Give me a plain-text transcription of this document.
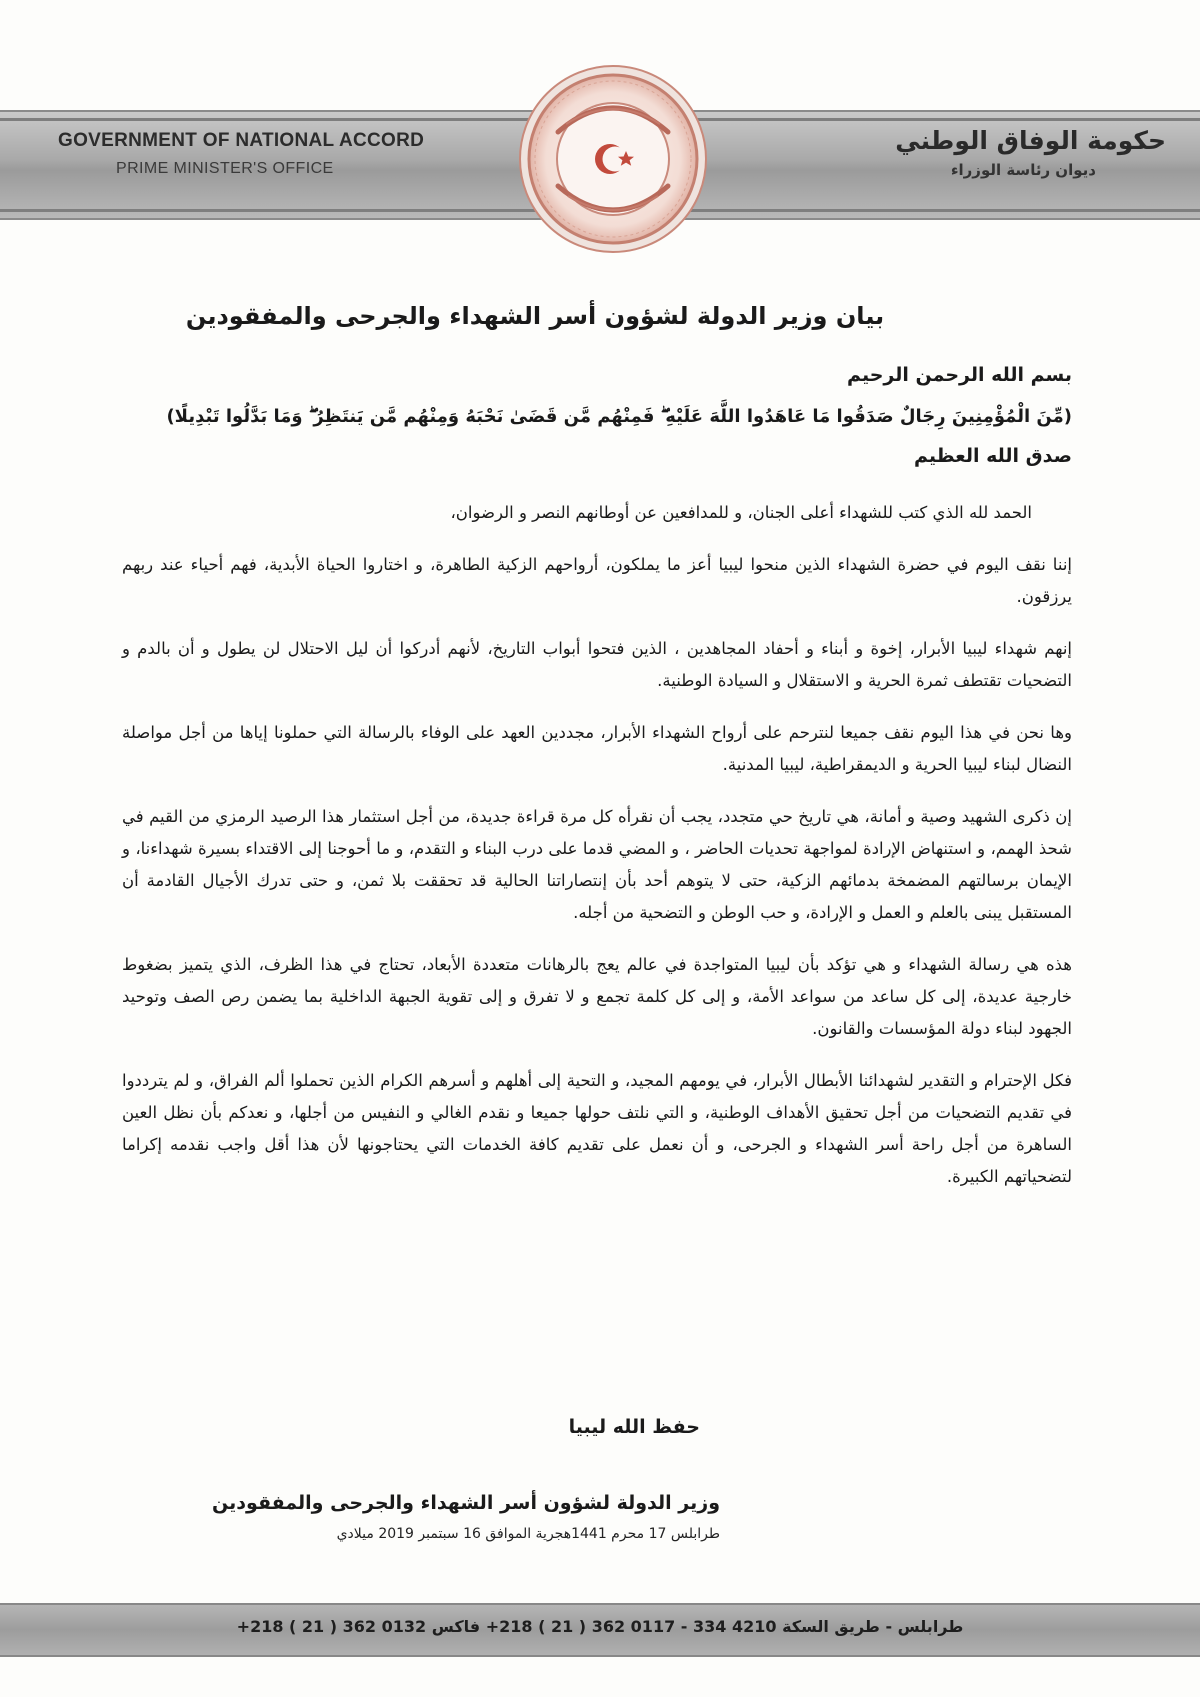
GOVERNMENT OF NATIONAL ACCORD
PRIME MINISTER'S OFFICE
حكومة الوفاق الوطني
ديوان رئاسة الوزراء
بيان وزير الدولة لشؤون أسر الشهداء والجرحى والمفقودين
بسم الله الرحمن الرحيم
(مِّنَ الْمُؤْمِنِينَ رِجَالٌ صَدَقُوا مَا عَاهَدُوا اللَّهَ عَلَيْهِ ۖ فَمِنْهُم مَّن قَضَىٰ نَحْبَهُ وَمِنْهُم مَّن يَنتَظِرُ ۖ وَمَا بَدَّلُوا تَبْدِيلًا)
صدق الله العظيم

الحمد لله الذي كتب للشهداء أعلى الجنان، و للمدافعين عن أوطانهم النصر و الرضوان،

إننا نقف اليوم في حضرة الشهداء الذين منحوا ليبيا أعز ما يملكون، أرواحهم الزكية الطاهرة، و اختاروا الحياة الأبدية، فهم أحياء عند ربهم يرزقون.

إنهم شهداء ليبيا الأبرار، إخوة و أبناء و أحفاد المجاهدين ، الذين فتحوا أبواب التاريخ، لأنهم أدركوا أن ليل الاحتلال لن يطول و أن بالدم و التضحيات تقتطف ثمرة الحرية و الاستقلال و السيادة الوطنية.

وها نحن في هذا اليوم نقف جميعا لنترحم على أرواح الشهداء الأبرار، مجددين العهد على الوفاء بالرسالة التي حملونا إياها من أجل مواصلة النضال لبناء ليبيا الحرية و الديمقراطية، ليبيا المدنية.

إن ذكرى الشهيد وصية و أمانة، هي تاريخ حي متجدد، يجب أن نقرأه كل مرة قراءة جديدة، من أجل استثمار هذا الرصيد الرمزي من القيم في شحذ الهمم، و استنهاض الإرادة لمواجهة تحديات الحاضر ، و المضي قدما على درب البناء و التقدم، و ما أحوجنا إلى الاقتداء بسيرة شهداءنا، و الإيمان برسالتهم المضمخة بدمائهم الزكية، حتى لا يتوهم أحد بأن إنتصاراتنا الحالية قد تحققت بلا ثمن، و حتى تدرك الأجيال القادمة أن المستقبل يبنى بالعلم و العمل و الإرادة، و حب الوطن و التضحية من أجله.

هذه هي رسالة الشهداء و هي تؤكد بأن ليبيا المتواجدة في عالم يعج بالرهانات متعددة الأبعاد، تحتاج في هذا الظرف، الذي يتميز بضغوط خارجية عديدة، إلى كل ساعد من سواعد الأمة، و إلى كل كلمة تجمع و لا تفرق و إلى تقوية الجبهة الداخلية بما يضمن رص الصف وتوحيد الجهود لبناء دولة المؤسسات والقانون.

فكل الإحترام و التقدير لشهدائنا الأبطال الأبرار، في يومهم المجيد، و التحية إلى أهلهم و أسرهم الكرام الذين تحملوا ألم الفراق، و لم يترددوا في تقديم التضحيات من أجل تحقيق الأهداف الوطنية، و التي نلتف حولها جميعا و نقدم الغالي و النفيس من أجلها، و نعدكم بأن نظل العين الساهرة من أجل راحة أسر الشهداء و الجرحى، و أن نعمل على تقديم كافة الخدمات التي يحتاجونها لأن هذا أقل واجب نقدمه إكراما لتضحياتهم الكبيرة.

حفظ الله ليبيا
وزير الدولة لشؤون أسر الشهداء والجرحى والمفقودين
طرابلس 17 محرم 1441هجرية الموافق 16 سبتمبر 2019 ميلادي
طرابلس - طريق السكة 4210 334 - 0117 362 ( 21 ) 218+ فاكس 0132 362 ( 21 ) 218+
